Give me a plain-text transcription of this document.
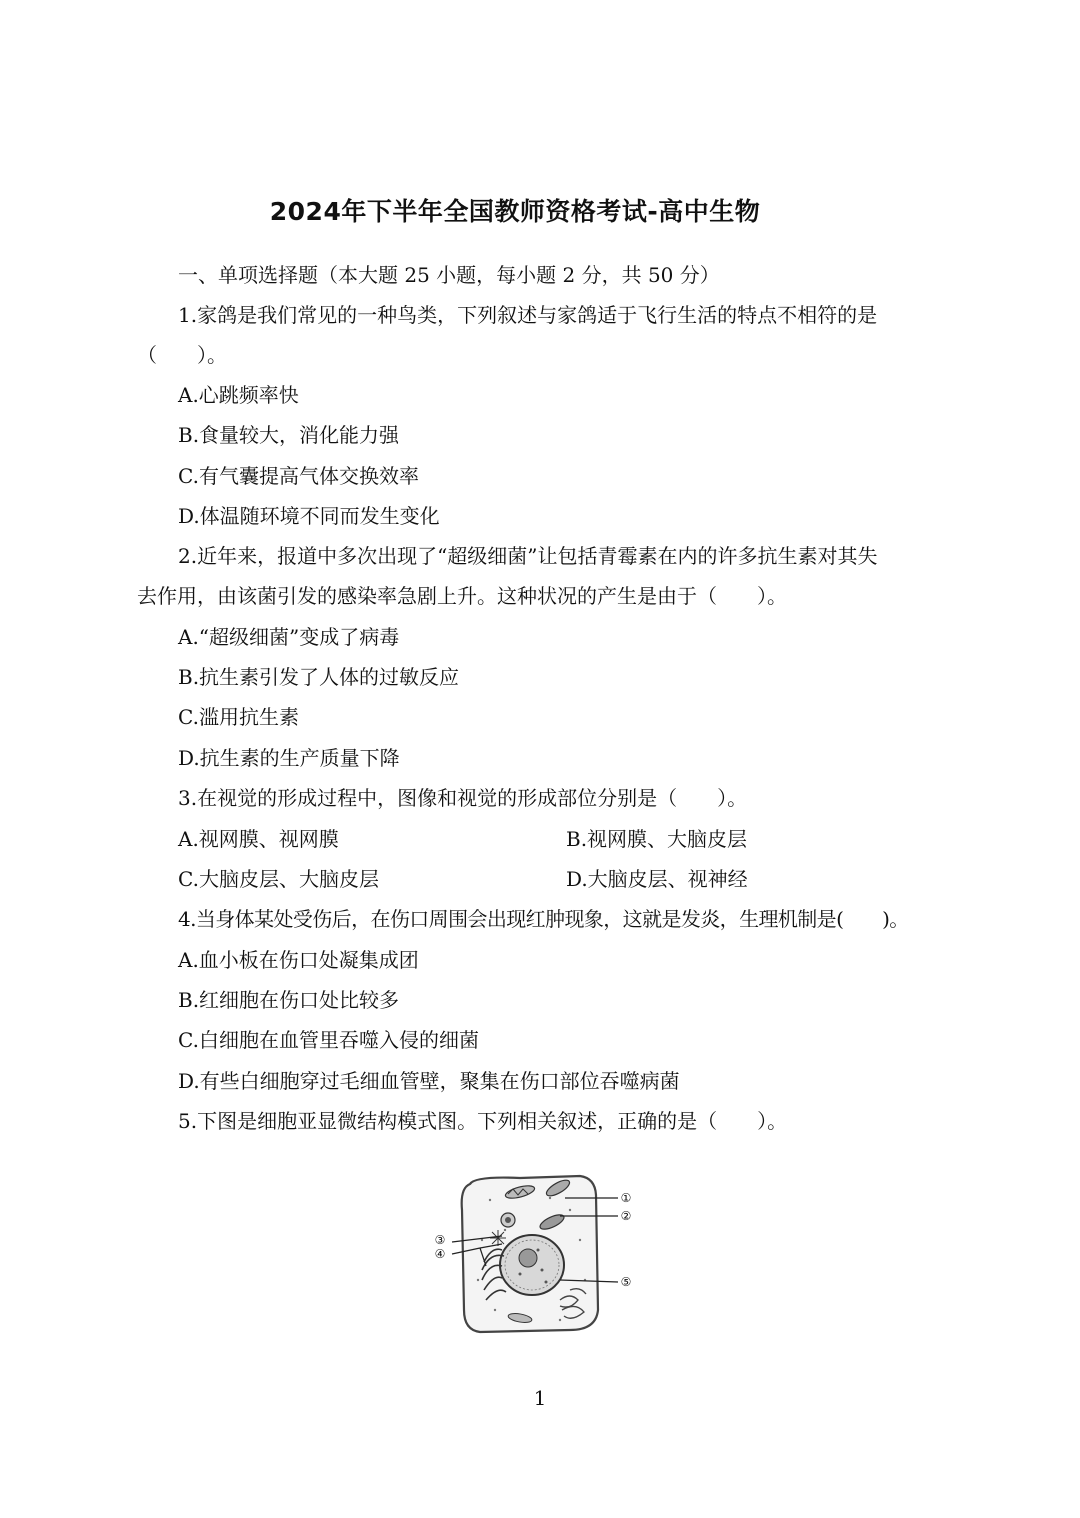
2024年下半年全国教师资格考试-高中生物
一、单项选择题（本大题 25 小题，每小题 2 分，共 50 分）
1.家鸽是我们常见的一种鸟类，下列叙述与家鸽适于飞行生活的特点不相符的是
（　　）。
A.心跳频率快
B.食量较大，消化能力强
C.有气囊提高气体交换效率
D.体温随环境不同而发生变化
2.近年来，报道中多次出现了“超级细菌”让包括青霉素在内的许多抗生素对其失
去作用，由该菌引发的感染率急剧上升。这种状况的产生是由于（　　）。
A.“超级细菌”变成了病毒
B.抗生素引发了人体的过敏反应
C.滥用抗生素
D.抗生素的生产质量下降
3.在视觉的形成过程中，图像和视觉的形成部位分别是（　　）。
A.视网膜、视网膜	B.视网膜、大脑皮层
C.大脑皮层、大脑皮层	D.大脑皮层、视神经
4.当身体某处受伤后，在伤口周围会出现红肿现象，这就是发炎，生理机制是(　　)。
A.血小板在伤口处凝集成团
B.红细胞在伤口处比较多
C.白细胞在血管里吞噬入侵的细菌
D.有些白细胞穿过毛细血管壁，聚集在伤口部位吞噬病菌
5.下图是细胞亚显微结构模式图。下列相关叙述，正确的是（　　）。
①
②
③
④
⑤
1
